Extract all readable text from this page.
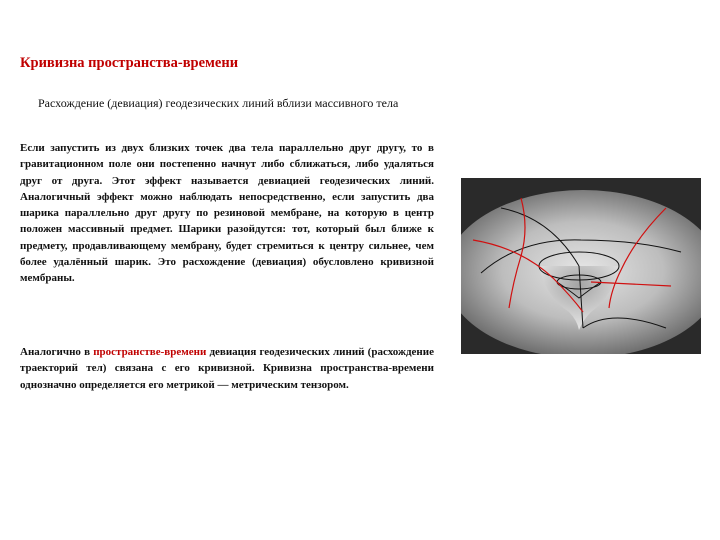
Кривизна пространства-времени
Расхождение (девиация) геодезических линий вблизи массивного тела
Если запустить из двух близких точек два тела параллельно друг другу, то в гравитационном поле они постепенно начнут либо сближаться, либо удаляться друг от друга. Этот эффект называется девиацией геодезических линий. Аналогичный эффект можно наблюдать непосредственно, если запустить два шарика параллельно друг другу по резиновой мембране, на которую в центр положен массивный предмет. Шарики разойдутся: тот, который был ближе к предмету, продавливающему мембрану, будет стремиться к центру сильнее, чем более удалённый шарик. Это расхождение (девиация) обусловлено кривизной мембраны.
Аналогично в пространстве-времени девиация геодезических линий (расхождение траекторий тел) связана с его кривизной. Кривизна пространства-времени однозначно определяется его метрикой — метрическим тензором.
